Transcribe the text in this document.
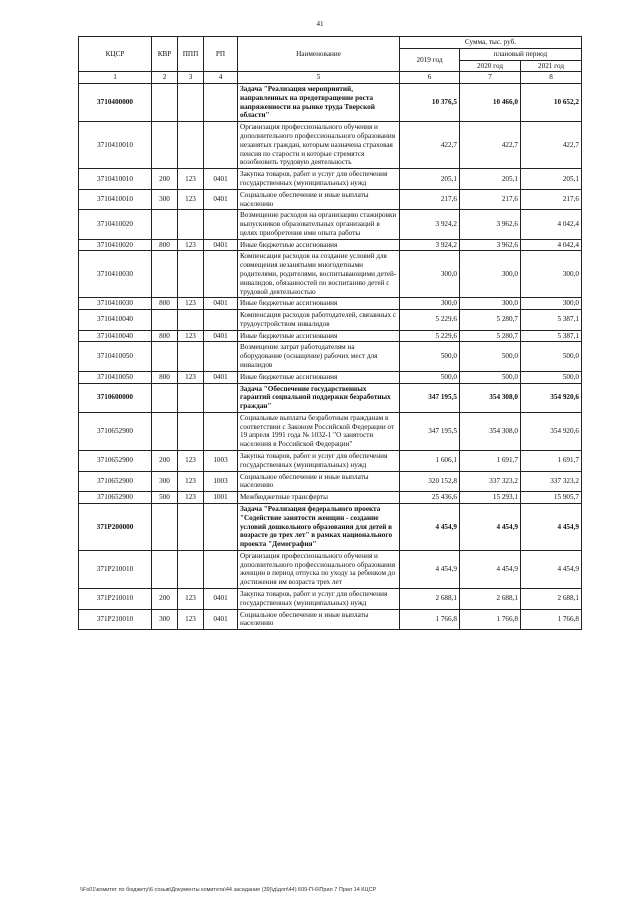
41
КЦСР	КВР	ППП	РП	Наименование	Сумма, тыс. руб.		
					2019 год	плановый период	
						2020 год	2021 год
1	2	3	4	5	6	7	8
3710400000				Задача "Реализация мероприятий, направленных на предотвращение роста напряженности на рынке труда Тверской области"	10 376,5	10 466,0	10 652,2
3710410010				Организация профессионального обучения и дополнительного профессионального образования незанятых граждан, которым назначена страховая пенсия по старости и которые стремятся возобновить трудовую деятельность	422,7	422,7	422,7
3710410010	200	123	0401	Закупка товаров, работ и услуг для обеспечения государственных (муниципальных) нужд	205,1	205,1	205,1
3710410010	300	123	0401	Социальное обеспечение и иные выплаты населению	217,6	217,6	217,6
3710410020				Возмещение расходов на организацию стажировки выпускников образовательных организаций в целях приобретения ими опыта работы	3 924,2	3 962,6	4 042,4
3710410020	800	123	0401	Иные бюджетные ассигнования	3 924,2	3 962,6	4 042,4
3710410030				Компенсация расходов на создание условий для совмещения незанятыми многодетными родителями, родителями, воспитывающими детей-инвалидов, обязанностей по воспитанию детей с трудовой деятельностью	300,0	300,0	300,0
3710410030	800	123	0401	Иные бюджетные ассигнования	300,0	300,0	300,0
3710410040				Компенсация расходов работодателей, связанных с трудоустройством инвалидов	5 229,6	5 280,7	5 387,1
3710410040	800	123	0401	Иные бюджетные ассигнования	5 229,6	5 280,7	5 387,1
3710410050				Возмещение затрат работодателям на оборудование (оснащение) рабочих мест для инвалидов	500,0	500,0	500,0
3710410050	800	123	0401	Иные бюджетные ассигнования	500,0	500,0	500,0
3710600000				Задача "Обеспечение государственных гарантий социальной поддержки безработных граждан"	347 195,5	354 308,0	354 920,6
3710652900				Социальные выплаты безработным гражданам в соответствии с Законом Российской Федерации от 19 апреля 1991 года № 1032-1 "О занятости населения в Российской Федерации"	347 195,5	354 308,0	354 920,6
3710652900	200	123	1003	Закупка товаров, работ и услуг для обеспечения государственных (муниципальных) нужд	1 606,1	1 691,7	1 691,7
3710652900	300	123	1003	Социальное обеспечение и иные выплаты населению	320 152,8	337 323,2	337 323,2
3710652900	500	123	1001	Межбюджетные трансферты	25 436,6	15 293,1	15 905,7
371P200000				Задача "Реализация федерального проекта "Содействие занятости женщин - создание условий дошкольного образования для детей в возрасте до трех лет" в рамках национального проекта "Демография"	4 454,9	4 454,9	4 454,9
371P210010				Организация профессионального обучения и дополнительного профессионального образования женщин в период отпуска по уходу за ребенком до достижения им возраста трех лет	4 454,9	4 454,9	4 454,9
371P210010	200	123	0401	Закупка товаров, работ и услуг для обеспечения государственных (муниципальных) нужд	2 688,1	2 688,1	2 688,1
371P210010	300	123	0401	Социальное обеспечение и иные выплаты населению	1 766,8	1 766,8	1 766,8
\\Fs01\комитет по бюджету\6 созыв\Документы комитета\44 заседание (39)\д\доп\44) 609-П-6\Прил 7 Прил 14 КЦСР
